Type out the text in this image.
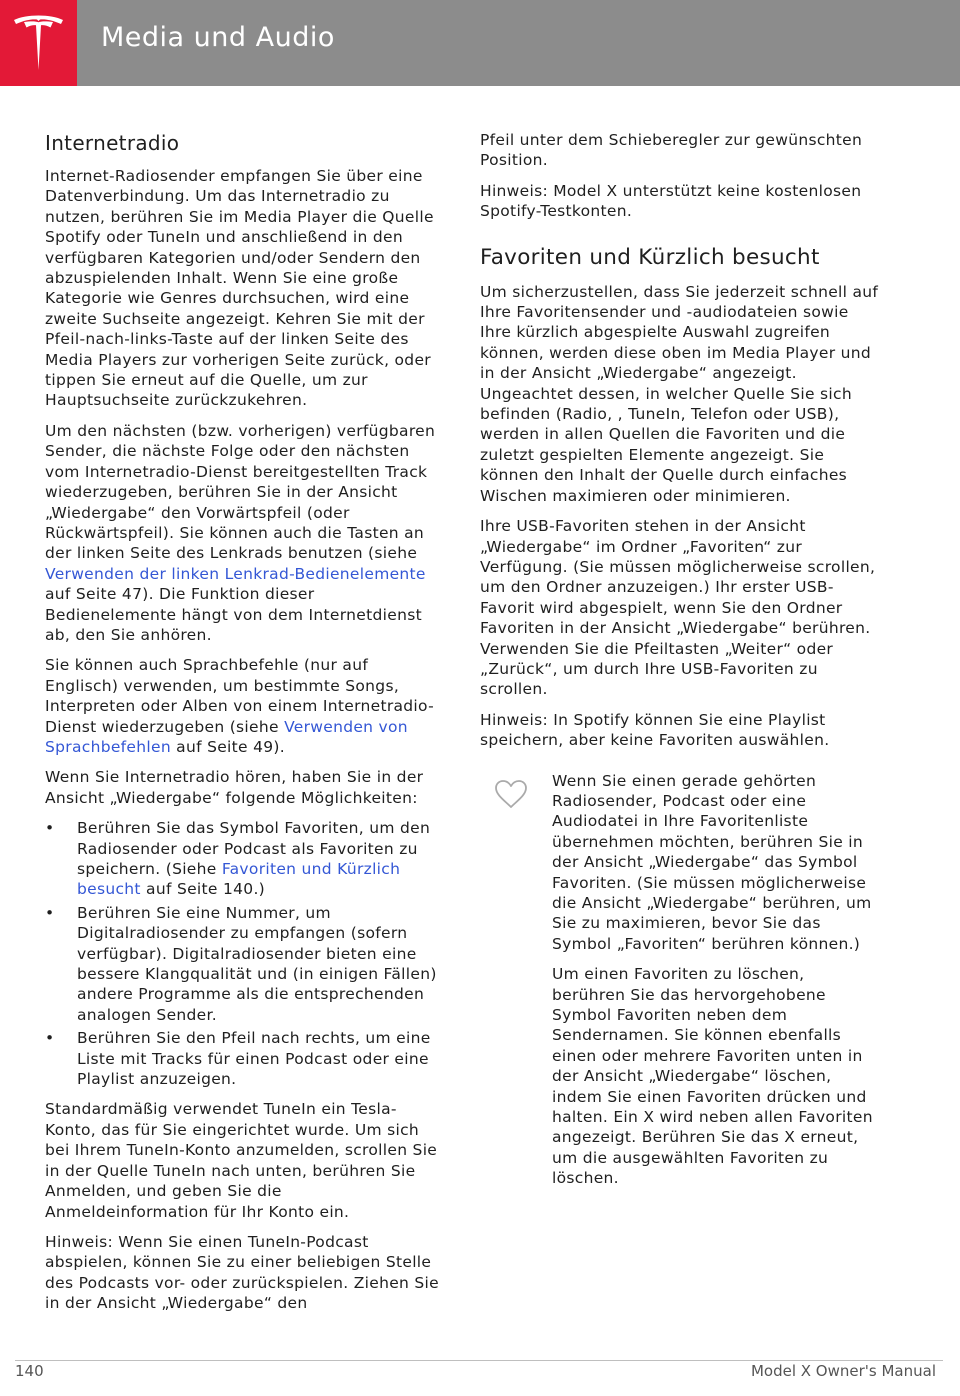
Media und Audio
Internetradio

Internet-Radiosender empfangen Sie über eine Datenverbindung. Um das Internetradio zu nutzen, berühren Sie im Media Player die Quelle Spotify oder TuneIn und anschließend in den verfügbaren Kategorien und/oder Sendern den abzuspielenden Inhalt. Wenn Sie eine große Kategorie wie Genres durchsuchen, wird eine zweite Suchseite angezeigt. Kehren Sie mit der Pfeil-nach-links-Taste auf der linken Seite des Media Players zur vorherigen Seite zurück, oder tippen Sie erneut auf die Quelle, um zur Hauptsuchseite zurückzukehren.

Um den nächsten (bzw. vorherigen) verfügbaren Sender, die nächste Folge oder den nächsten vom Internetradio-Dienst bereitgestellten Track wiederzugeben, berühren Sie in der Ansicht „Wiedergabe“ den Vorwärtspfeil (oder Rückwärtspfeil). Sie können auch die Tasten an der linken Seite des Lenkrads benutzen (siehe Verwenden der linken Lenkrad-Bedienelemente auf Seite 47). Die Funktion dieser Bedienelemente hängt von dem Internetdienst ab, den Sie anhören.

Sie können auch Sprachbefehle (nur auf Englisch) verwenden, um bestimmte Songs, Interpreten oder Alben von einem Internetradio-Dienst wiederzugeben (siehe Verwenden von Sprachbefehlen auf Seite 49).

Wenn Sie Internetradio hören, haben Sie in der Ansicht „Wiedergabe“ folgende Möglichkeiten:

• Berühren Sie das Symbol Favoriten, um den Radiosender oder Podcast als Favoriten zu speichern. (Siehe Favoriten und Kürzlich besucht auf Seite 140.)
• Berühren Sie eine Nummer, um Digitalradiosender zu empfangen (sofern verfügbar). Digitalradiosender bieten eine bessere Klangqualität und (in einigen Fällen) andere Programme als die entsprechenden analogen Sender.
• Berühren Sie den Pfeil nach rechts, um eine Liste mit Tracks für einen Podcast oder eine Playlist anzuzeigen.

Standardmäßig verwendet TuneIn ein Tesla-Konto, das für Sie eingerichtet wurde. Um sich bei Ihrem TuneIn-Konto anzumelden, scrollen Sie in der Quelle TuneIn nach unten, berühren Sie Anmelden, und geben Sie die Anmeldeinformation für Ihr Konto ein.

Hinweis: Wenn Sie einen TuneIn-Podcast abspielen, können Sie zu einer beliebigen Stelle des Podcasts vor- oder zurückspielen. Ziehen Sie in der Ansicht „Wiedergabe“ den

Pfeil unter dem Schieberegler zur gewünschten Position.

Hinweis: Model X unterstützt keine kostenlosen Spotify-Testkonten.

Favoriten und Kürzlich besucht

Um sicherzustellen, dass Sie jederzeit schnell auf Ihre Favoritensender und -audiodateien sowie Ihre kürzlich abgespielte Auswahl zugreifen können, werden diese oben im Media Player und in der Ansicht „Wiedergabe“ angezeigt. Ungeachtet dessen, in welcher Quelle Sie sich befinden (Radio, , TuneIn, Telefon oder USB), werden in allen Quellen die Favoriten und die zuletzt gespielten Elemente angezeigt. Sie können den Inhalt der Quelle durch einfaches Wischen maximieren oder minimieren.

Ihre USB-Favoriten stehen in der Ansicht „Wiedergabe“ im Ordner „Favoriten“ zur Verfügung. (Sie müssen möglicherweise scrollen, um den Ordner anzuzeigen.) Ihr erster USB-Favorit wird abgespielt, wenn Sie den Ordner Favoriten in der Ansicht „Wiedergabe“ berühren. Verwenden Sie die Pfeiltasten „Weiter“ oder „Zurück“, um durch Ihre USB-Favoriten zu scrollen.

Hinweis: In Spotify können Sie eine Playlist speichern, aber keine Favoriten auswählen.

Wenn Sie einen gerade gehörten Radiosender, Podcast oder eine Audiodatei in Ihre Favoritenliste übernehmen möchten, berühren Sie in der Ansicht „Wiedergabe“ das Symbol Favoriten. (Sie müssen möglicherweise die Ansicht „Wiedergabe“ berühren, um Sie zu maximieren, bevor Sie das Symbol „Favoriten“ berühren können.)

Um einen Favoriten zu löschen, berühren Sie das hervorgehobene Symbol Favoriten neben dem Sendernamen. Sie können ebenfalls einen oder mehrere Favoriten unten in der Ansicht „Wiedergabe“ löschen, indem Sie einen Favoriten drücken und halten. Ein X wird neben allen Favoriten angezeigt. Berühren Sie das X erneut, um die ausgewählten Favoriten zu löschen.

140	Model X Owner's Manual
